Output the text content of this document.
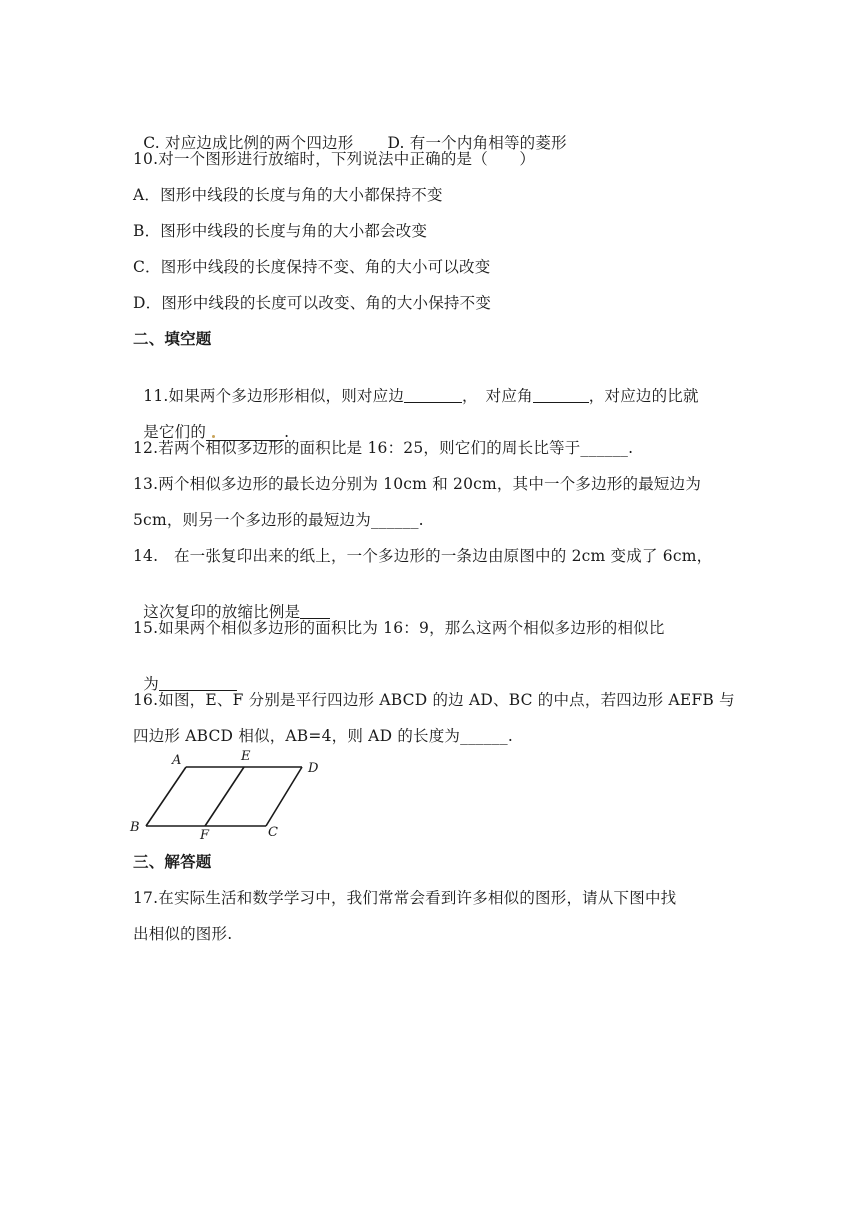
C. 对应边成比例的两个四边形 D. 有一个内角相等的菱形

10.对一个图形进行放缩时，下列说法中正确的是（　　）
A．图形中线段的长度与角的大小都保持不变
B．图形中线段的长度与角的大小都会改变
C．图形中线段的长度保持不变、角的大小可以改变
D．图形中线段的长度可以改变、角的大小保持不变
二、填空题

11.如果两个多边形形相似，则对应边	，　对应角	，对应边的比就

是它们的	.

12.若两个相似多边形的面积比是 16：25，则它们的周长比等于______.
13.两个相似多边形的最长边分别为 10cm 和 20cm，其中一个多边形的最短边为
5cm，则另一个多边形的最短边为______.
14.　在一张复印出来的纸上，一个多边形的一条边由原图中的 2cm 变成了 6cm，

这次复印的放缩比例是

15.如果两个相似多边形的面积比为 16：9，那么这两个相似多边形的相似比

为

16.如图，E、F 分别是平行四边形 ABCD 的边 AD、BC 的中点，若四边形 AEFB 与
四边形 ABCD 相似，AB=4，则 AD 的长度为______.
A	E
D
B
F	C
三、解答题
17.在实际生活和数学学习中，我们常常会看到许多相似的图形，请从下图中找
出相似的图形.
